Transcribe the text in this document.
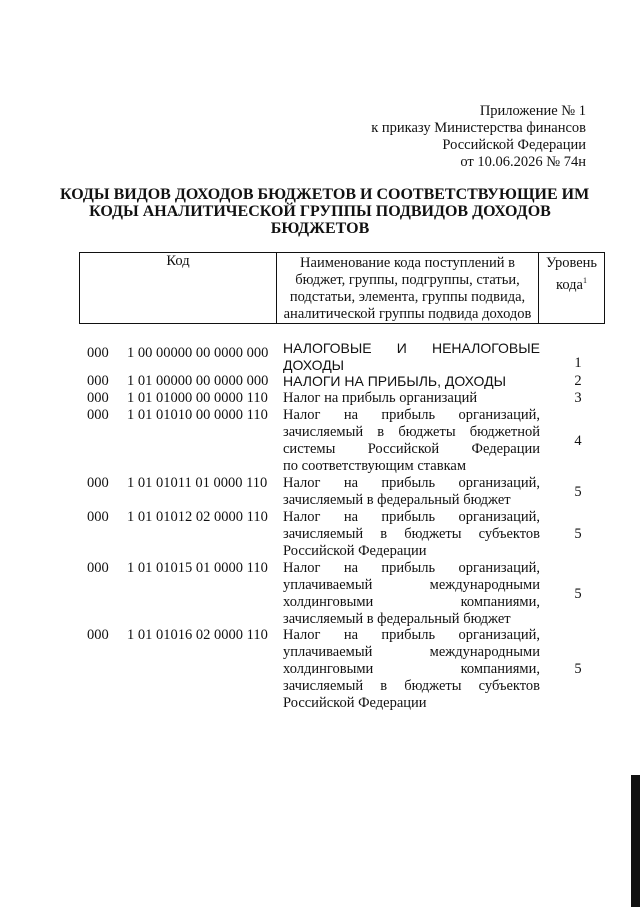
Приложение № 1
к приказу Министерства финансов
Российской Федерации
от 10.06.2026 № 74н
КОДЫ ВИДОВ ДОХОДОВ БЮДЖЕТОВ И СООТВЕТСТВУЮЩИЕ ИМ
КОДЫ АНАЛИТИЧЕСКОЙ ГРУППЫ ПОДВИДОВ ДОХОДОВ
БЮДЖЕТОВ
Код	Наименование кода поступлений в бюджет, группы, подгруппы, статьи, подстатьи, элемента, группы подвида, аналитической группы подвида доходов	Уровень кода$^1$
000 1 00 00000 00 0000 000 НАЛОГОВЫЕ И НЕНАЛОГОВЫЕ
ДОХОДЫ	1
000 1 01 00000 00 0000 000 НАЛОГИ НА ПРИБЫЛЬ, ДОХОДЫ	2
000 1 01 01000 00 0000 110 Налог на прибыль организаций	3
000 1 01 01010 00 0000 110 Налог на прибыль организаций,
зачисляемый в бюджеты бюджетной
системы Российской Федерации
по соответствующим ставкам
4
000 1 01 01011 01 0000 110 Налог на прибыль организаций,
зачисляемый в федеральный бюджет	5
000 1 01 01012 02 0000 110 Налог на прибыль организаций,
зачисляемый в бюджеты субъектов
Российской Федерации
5
000 1 01 01015 01 0000 110 Налог на прибыль организаций,
уплачиваемый международными
холдинговыми компаниями,
зачисляемый в федеральный бюджет
5
000 1 01 01016 02 0000 110 Налог на прибыль организаций,
уплачиваемый международными
холдинговыми компаниями,
зачисляемый в бюджеты субъектов
Российской Федерации
5
